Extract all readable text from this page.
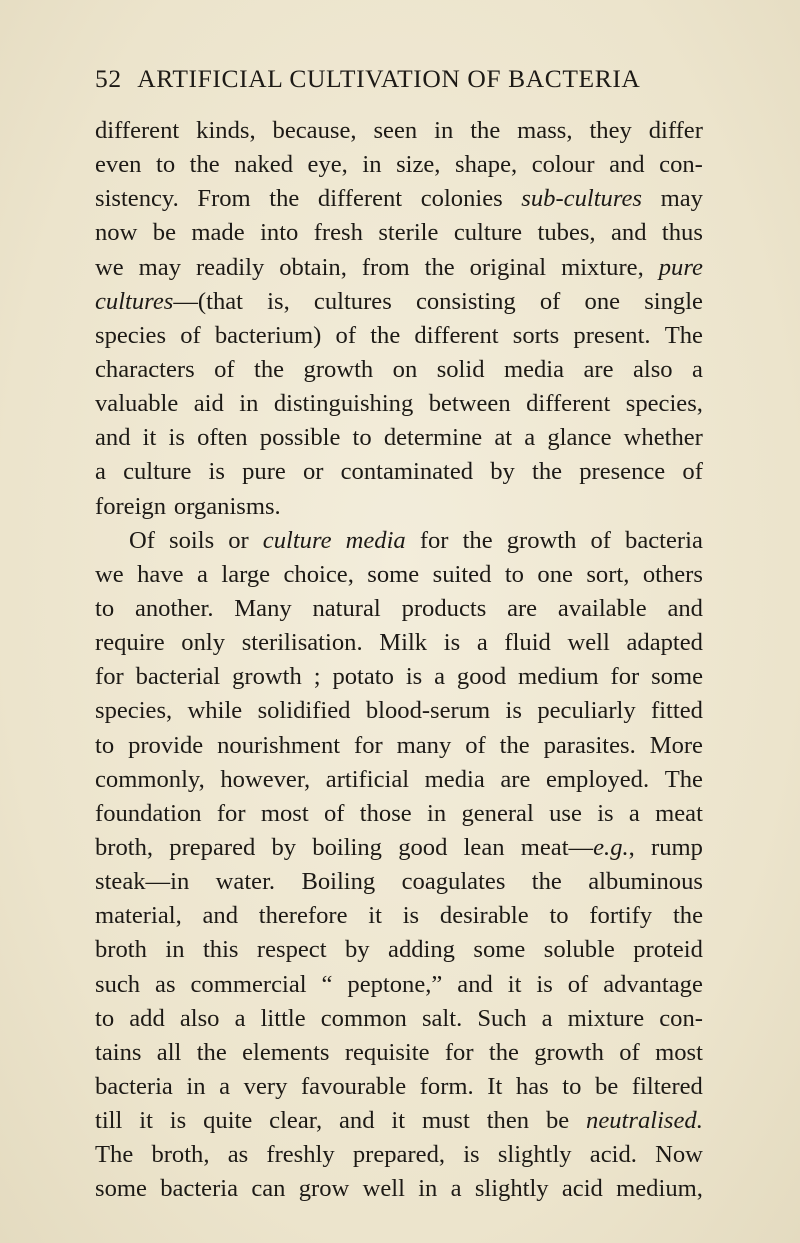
52 ARTIFICIAL CULTIVATION OF BACTERIA
different kinds, because, seen in the mass, they differ
even to the naked eye, in size, shape, colour and con-
sistency. From the different colonies sub-cultures may
now be made into fresh sterile culture tubes, and thus
we may readily obtain, from the original mixture, pure
cultures—(that is, cultures consisting of one single
species of bacterium) of the different sorts present. The
characters of the growth on solid media are also a
valuable aid in distinguishing between different species,
and it is often possible to determine at a glance whether
a culture is pure or contaminated by the presence of
foreign organisms.
Of soils or culture media for the growth of bacteria
we have a large choice, some suited to one sort, others
to another. Many natural products are available and
require only sterilisation. Milk is a fluid well adapted
for bacterial growth ; potato is a good medium for some
species, while solidified blood-serum is peculiarly fitted
to provide nourishment for many of the parasites. More
commonly, however, artificial media are employed. The
foundation for most of those in general use is a meat
broth, prepared by boiling good lean meat—e.g., rump
steak—in water. Boiling coagulates the albuminous
material, and therefore it is desirable to fortify the
broth in this respect by adding some soluble proteid
such as commercial “ peptone,” and it is of advantage
to add also a little common salt. Such a mixture con-
tains all the elements requisite for the growth of most
bacteria in a very favourable form. It has to be filtered
till it is quite clear, and it must then be neutralised.
The broth, as freshly prepared, is slightly acid. Now
some bacteria can grow well in a slightly acid medium,
